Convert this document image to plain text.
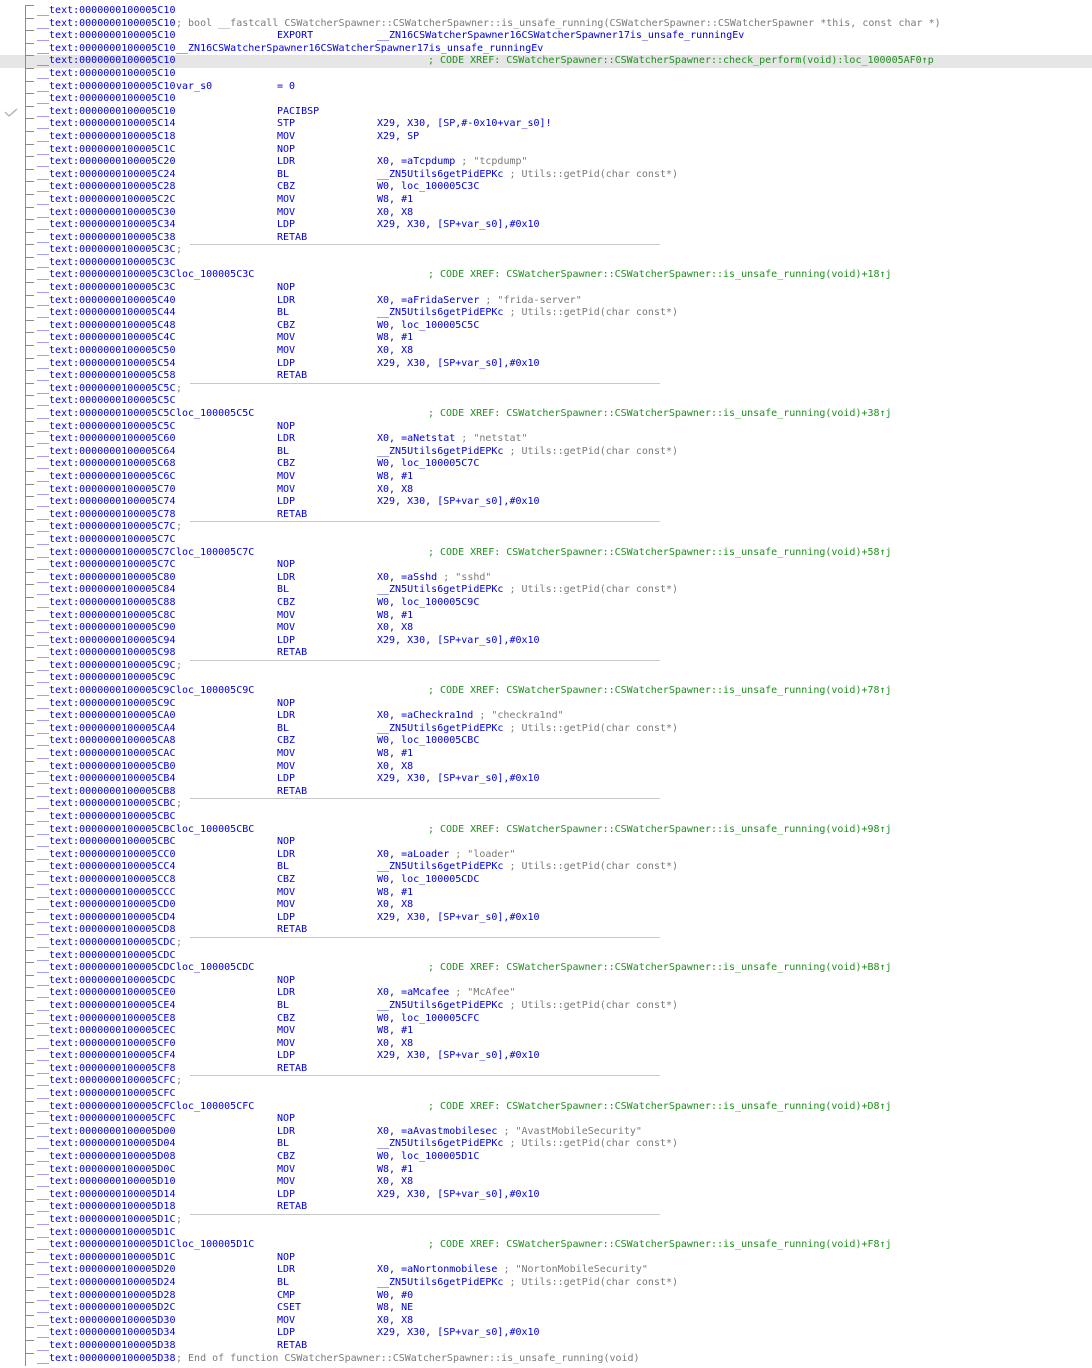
__text:0000000100005C10
__text:0000000100005C10 ; bool __fastcall CSWatcherSpawner::CSWatcherSpawner::is_unsafe_running(CSWatcherSpawner::CSWatcherSpawner *this, const char *)
__text:0000000100005C10	EXPORT	__ZN16CSWatcherSpawner16CSWatcherSpawner17is_unsafe_runningEv
__text:0000000100005C10 __ZN16CSWatcherSpawner16CSWatcherSpawner17is_unsafe_runningEv
__text:0000000100005C10	; CODE XREF: CSWatcherSpawner::CSWatcherSpawner::check_perform(void):loc_100005AF0↑p
__text:0000000100005C10
__text:0000000100005C10 var_s0	= 0
__text:0000000100005C10
__text:0000000100005C10	PACIBSP
__text:0000000100005C14	STP	X29, X30, [SP,#-0x10+var_s0]!
__text:0000000100005C18	MOV	X29, SP
__text:0000000100005C1C	NOP
__text:0000000100005C20	LDR	X0, =aTcpdump ; "tcpdump"
__text:0000000100005C24	BL	__ZN5Utils6getPidEPKc ; Utils::getPid(char const*)
__text:0000000100005C28	CBZ	W0, loc_100005C3C
__text:0000000100005C2C	MOV	W8, #1
__text:0000000100005C30	MOV	X0, X8
__text:0000000100005C34	LDP	X29, X30, [SP+var_s0],#0x10
__text:0000000100005C38	RETAB
__text:0000000100005C3C ;
__text:0000000100005C3C
__text:0000000100005C3C loc_100005C3C	; CODE XREF: CSWatcherSpawner::CSWatcherSpawner::is_unsafe_running(void)+18↑j
__text:0000000100005C3C	NOP
__text:0000000100005C40	LDR	X0, =aFridaServer ; "frida-server"
__text:0000000100005C44	BL	__ZN5Utils6getPidEPKc ; Utils::getPid(char const*)
__text:0000000100005C48	CBZ	W0, loc_100005C5C
__text:0000000100005C4C	MOV	W8, #1
__text:0000000100005C50	MOV	X0, X8
__text:0000000100005C54	LDP	X29, X30, [SP+var_s0],#0x10
__text:0000000100005C58	RETAB
__text:0000000100005C5C ;
__text:0000000100005C5C
__text:0000000100005C5C loc_100005C5C	; CODE XREF: CSWatcherSpawner::CSWatcherSpawner::is_unsafe_running(void)+38↑j
__text:0000000100005C5C	NOP
__text:0000000100005C60	LDR	X0, =aNetstat ; "netstat"
__text:0000000100005C64	BL	__ZN5Utils6getPidEPKc ; Utils::getPid(char const*)
__text:0000000100005C68	CBZ	W0, loc_100005C7C
__text:0000000100005C6C	MOV	W8, #1
__text:0000000100005C70	MOV	X0, X8
__text:0000000100005C74	LDP	X29, X30, [SP+var_s0],#0x10
__text:0000000100005C78	RETAB
__text:0000000100005C7C ;
__text:0000000100005C7C
__text:0000000100005C7C loc_100005C7C	; CODE XREF: CSWatcherSpawner::CSWatcherSpawner::is_unsafe_running(void)+58↑j
__text:0000000100005C7C	NOP
__text:0000000100005C80	LDR	X0, =aSshd ; "sshd"
__text:0000000100005C84	BL	__ZN5Utils6getPidEPKc ; Utils::getPid(char const*)
__text:0000000100005C88	CBZ	W0, loc_100005C9C
__text:0000000100005C8C	MOV	W8, #1
__text:0000000100005C90	MOV	X0, X8
__text:0000000100005C94	LDP	X29, X30, [SP+var_s0],#0x10
__text:0000000100005C98	RETAB
__text:0000000100005C9C ;
__text:0000000100005C9C
__text:0000000100005C9C loc_100005C9C	; CODE XREF: CSWatcherSpawner::CSWatcherSpawner::is_unsafe_running(void)+78↑j
__text:0000000100005C9C	NOP
__text:0000000100005CA0	LDR	X0, =aCheckra1nd ; "checkra1nd"
__text:0000000100005CA4	BL	__ZN5Utils6getPidEPKc ; Utils::getPid(char const*)
__text:0000000100005CA8	CBZ	W0, loc_100005CBC
__text:0000000100005CAC	MOV	W8, #1
__text:0000000100005CB0	MOV	X0, X8
__text:0000000100005CB4	LDP	X29, X30, [SP+var_s0],#0x10
__text:0000000100005CB8	RETAB
__text:0000000100005CBC ;
__text:0000000100005CBC
__text:0000000100005CBC loc_100005CBC	; CODE XREF: CSWatcherSpawner::CSWatcherSpawner::is_unsafe_running(void)+98↑j
__text:0000000100005CBC	NOP
__text:0000000100005CC0	LDR	X0, =aLoader ; "loader"
__text:0000000100005CC4	BL	__ZN5Utils6getPidEPKc ; Utils::getPid(char const*)
__text:0000000100005CC8	CBZ	W0, loc_100005CDC
__text:0000000100005CCC	MOV	W8, #1
__text:0000000100005CD0	MOV	X0, X8
__text:0000000100005CD4	LDP	X29, X30, [SP+var_s0],#0x10
__text:0000000100005CD8	RETAB
__text:0000000100005CDC ;
__text:0000000100005CDC
__text:0000000100005CDC loc_100005CDC	; CODE XREF: CSWatcherSpawner::CSWatcherSpawner::is_unsafe_running(void)+B8↑j
__text:0000000100005CDC	NOP
__text:0000000100005CE0	LDR	X0, =aMcafee ; "McAfee"
__text:0000000100005CE4	BL	__ZN5Utils6getPidEPKc ; Utils::getPid(char const*)
__text:0000000100005CE8	CBZ	W0, loc_100005CFC
__text:0000000100005CEC	MOV	W8, #1
__text:0000000100005CF0	MOV	X0, X8
__text:0000000100005CF4	LDP	X29, X30, [SP+var_s0],#0x10
__text:0000000100005CF8	RETAB
__text:0000000100005CFC ;
__text:0000000100005CFC
__text:0000000100005CFC loc_100005CFC	; CODE XREF: CSWatcherSpawner::CSWatcherSpawner::is_unsafe_running(void)+D8↑j
__text:0000000100005CFC	NOP
__text:0000000100005D00	LDR	X0, =aAvastmobilesec ; "AvastMobileSecurity"
__text:0000000100005D04	BL	__ZN5Utils6getPidEPKc ; Utils::getPid(char const*)
__text:0000000100005D08	CBZ	W0, loc_100005D1C
__text:0000000100005D0C	MOV	W8, #1
__text:0000000100005D10	MOV	X0, X8
__text:0000000100005D14	LDP	X29, X30, [SP+var_s0],#0x10
__text:0000000100005D18	RETAB
__text:0000000100005D1C ;
__text:0000000100005D1C
__text:0000000100005D1C loc_100005D1C	; CODE XREF: CSWatcherSpawner::CSWatcherSpawner::is_unsafe_running(void)+F8↑j
__text:0000000100005D1C	NOP
__text:0000000100005D20	LDR	X0, =aNortonmobilese ; "NortonMobileSecurity"
__text:0000000100005D24	BL	__ZN5Utils6getPidEPKc ; Utils::getPid(char const*)
__text:0000000100005D28	CMP	W0, #0
__text:0000000100005D2C	CSET	W8, NE
__text:0000000100005D30	MOV	X0, X8
__text:0000000100005D34	LDP	X29, X30, [SP+var_s0],#0x10
__text:0000000100005D38	RETAB
__text:0000000100005D38 ; End of function CSWatcherSpawner::CSWatcherSpawner::is_unsafe_running(void)
